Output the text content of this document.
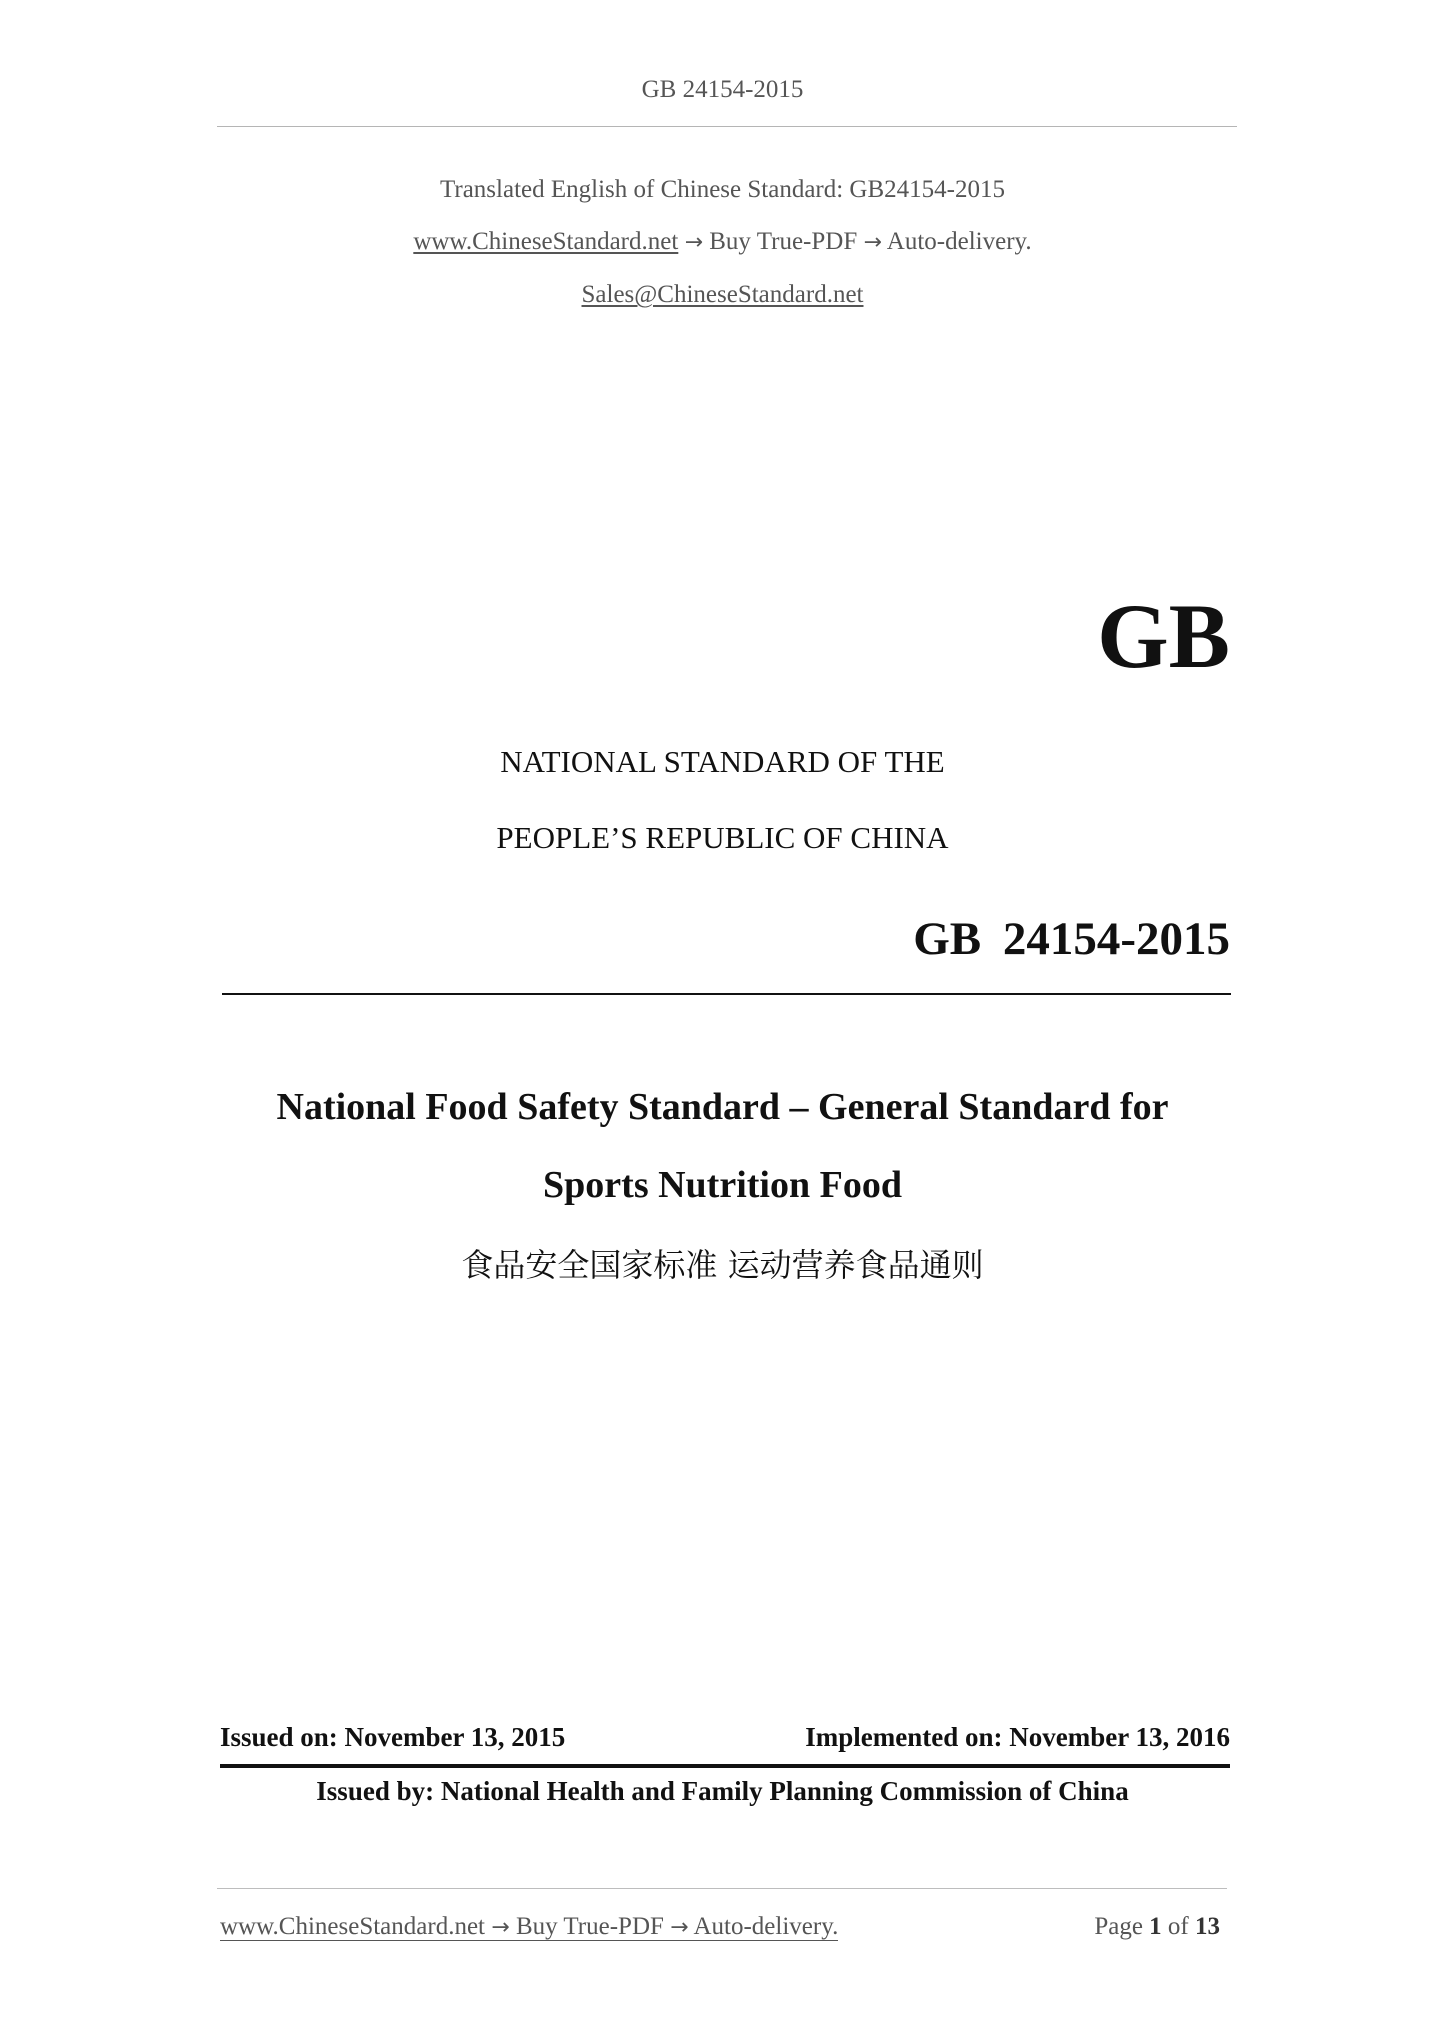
GB 24154-2015
Translated English of Chinese Standard: GB24154-2015
www.ChineseStandard.net → Buy True-PDF → Auto-delivery.
Sales@ChineseStandard.net
GB
NATIONAL STANDARD OF THE
PEOPLE’S REPUBLIC OF CHINA
GB 24154-2015
National Food Safety Standard – General Standard for
Sports Nutrition Food
食品安全国家标准 运动营养食品通则
Issued on: November 13, 2015	Implemented on: November 13, 2016
Issued by: National Health and Family Planning Commission of China
www.ChineseStandard.net → Buy True-PDF → Auto-delivery.	Page 1 of 13
